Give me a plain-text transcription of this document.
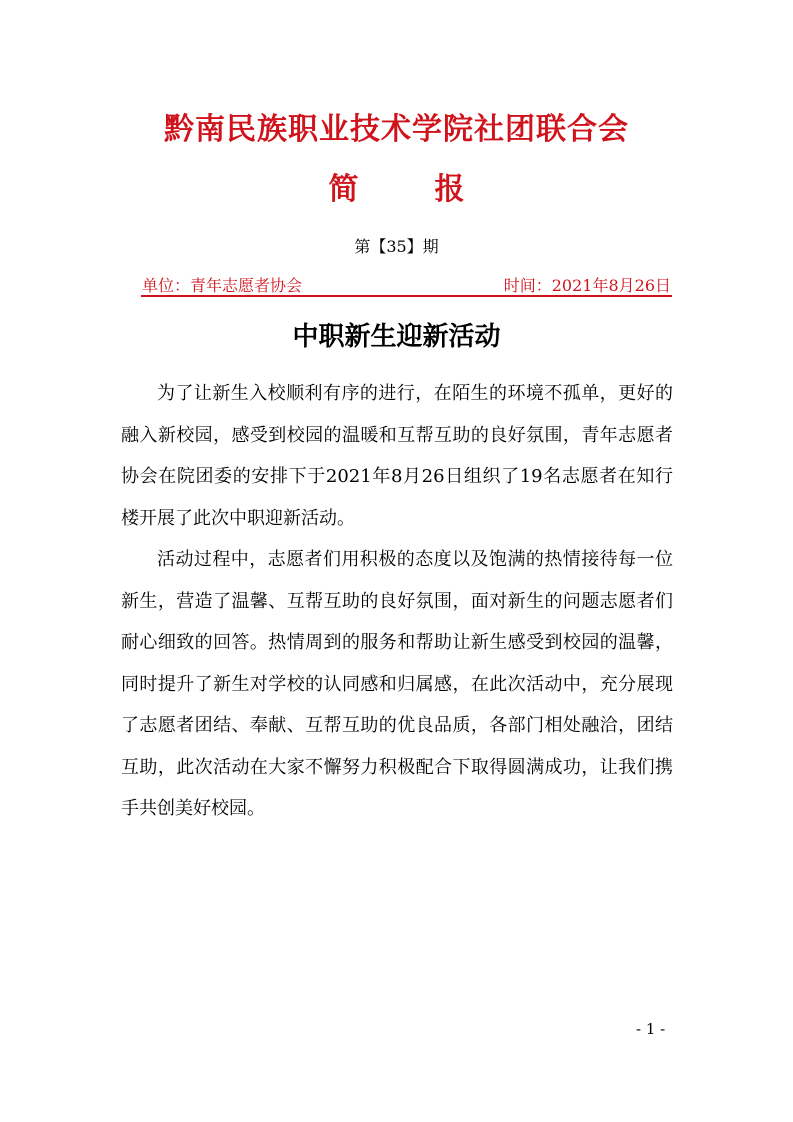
黔南民族职业技术学院社团联合会
简	报
第【35】期
单位：青年志愿者协会	时间：2021年8月26日
中职新生迎新活动

为了让新生入校顺利有序的进行，在陌生的环境不孤单，更好的融入新校园，感受到校园的温暖和互帮互助的良好氛围，青年志愿者协会在院团委的安排下于2021年8月26日组织了19名志愿者在知行楼开展了此次中职迎新活动。

活动过程中，志愿者们用积极的态度以及饱满的热情接待每一位新生，营造了温馨、互帮互助的良好氛围，面对新生的问题志愿者们耐心细致的回答。热情周到的服务和帮助让新生感受到校园的温馨，同时提升了新生对学校的认同感和归属感，在此次活动中，充分展现了志愿者团结、奉献、互帮互助的优良品质，各部门相处融洽，团结互助，此次活动在大家不懈努力积极配合下取得圆满成功，让我们携手共创美好校园。

- 1 -
